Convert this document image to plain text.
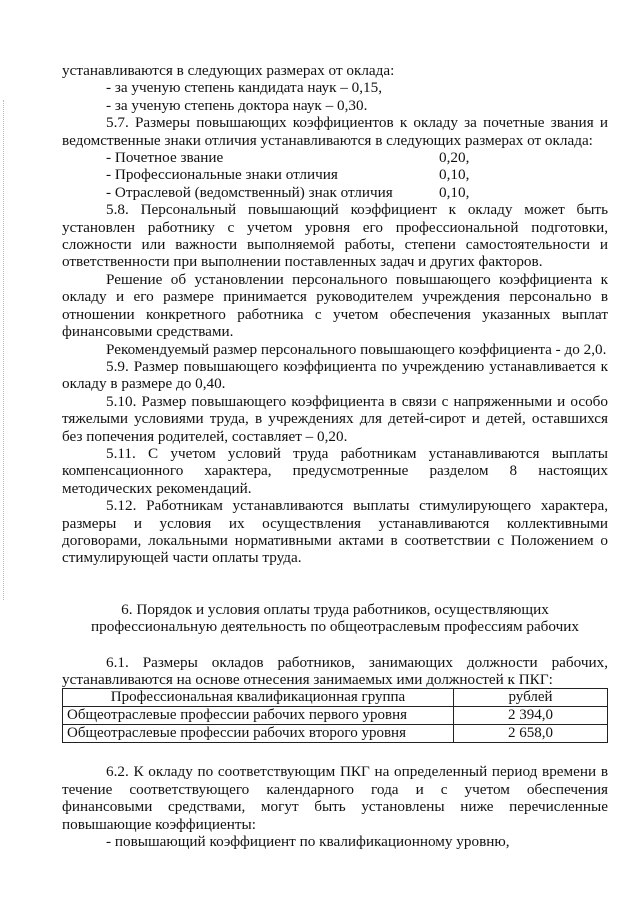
устанавливаются в следующих размерах от оклада:

- за ученую степень кандидата наук – 0,15,

- за ученую степень доктора наук – 0,30.

5.7. Размеры повышающих коэффициентов к окладу за почетные звания и ведомственные знаки отличия устанавливаются в следующих размерах от оклада:

- Почетное звание	0,20,
- Профессиональные знаки отличия	0,10,
- Отраслевой (ведомственный) знак отличия	0,10,

5.8. Персональный повышающий коэффициент к окладу может быть установлен работнику с учетом уровня его профессиональной подготовки, сложности или важности выполняемой работы, степени самостоятельности и ответственности при выполнении поставленных задач и других факторов.

Решение об установлении персонального повышающего коэффициента к окладу и его размере принимается руководителем учреждения персонально в отношении конкретного работника с учетом обеспечения указанных выплат финансовыми средствами.

Рекомендуемый размер персонального повышающего коэффициента - до 2,0.

5.9. Размер повышающего коэффициента по учреждению устанавливается к окладу в размере до 0,40.

5.10. Размер повышающего коэффициента в связи с напряженными и особо тяжелыми условиями труда, в учреждениях для детей-сирот и детей, оставшихся без попечения родителей, составляет – 0,20.

5.11. С учетом условий труда работникам устанавливаются выплаты компенсационного характера, предусмотренные разделом 8 настоящих методических рекомендаций.

5.12. Работникам устанавливаются выплаты стимулирующего характера, размеры и условия их осуществления устанавливаются коллективными договорами, локальными нормативными актами в соответствии с Положением о стимулирующей части оплаты труда.

6. Порядок и условия оплаты труда работников, осуществляющих
профессиональную деятельность по общеотраслевым профессиям рабочих

6.1. Размеры окладов работников, занимающих должности рабочих, устанавливаются на основе отнесения занимаемых ими должностей к ПКГ:

Профессиональная квалификационная группа	рублей
Общеотраслевые профессии рабочих первого уровня	2 394,0
Общеотраслевые профессии рабочих второго уровня	2 658,0

6.2. К окладу по соответствующим ПКГ на определенный период времени в течение соответствующего календарного года и с учетом обеспечения финансовыми средствами, могут быть установлены ниже перечисленные повышающие коэффициенты:

- повышающий коэффициент по квалификационному уровню,
